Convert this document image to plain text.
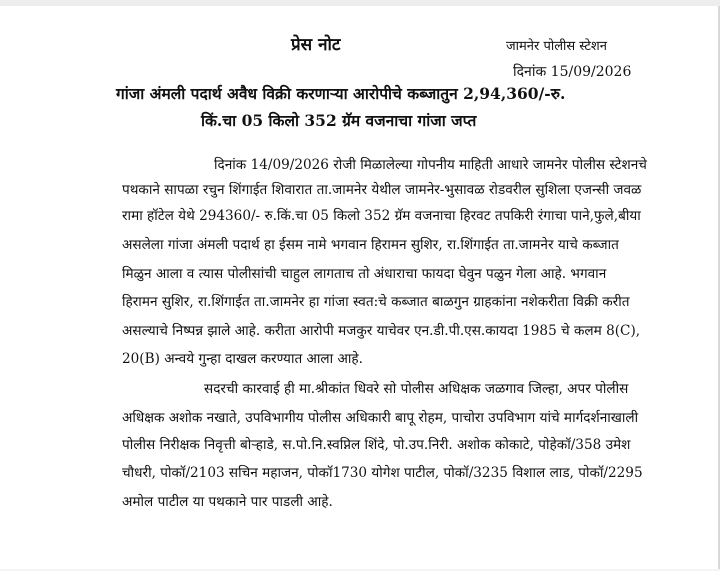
प्रेस नोट	जामनेर पोलीस स्टेशन
दिनांक 15/09/2026
गांजा अंमली पदार्थ अवैध विक्री करणाऱ्या आरोपीचे कब्जातुन 2,94,360/-रु.
किं.चा 05 किलो 352 ग्रॅम वजनाचा गांजा जप्त
दिनांक 14/09/2026 रोजी मिळालेल्या गोपनीय माहिती आधारे जामनेर पोलीस स्टेशनचे
पथकाने सापळा रचुन शिंगाईत शिवारात ता.जामनेर येथील जामनेर-भुसावळ रोडवरील सुशिला एजन्सी जवळ
रामा हॉटेल येथे 294360/- रु.किं.चा 05 किलो 352 ग्रॅम वजनाचा हिरवट तपकिरी रंगाचा पाने,फुले,बीया
असलेला गांजा अंमली पदार्थ हा ईसम नामे भगवान हिरामन सुशिर, रा.शिंगाईत ता.जामनेर याचे कब्जात
मिळुन आला व त्यास पोलीसांची चाहुल लागताच तो अंधाराचा फायदा घेवुन पळुन गेला आहे. भगवान
हिरामन सुशिर, रा.शिंगाईत ता.जामनेर हा गांजा स्वत:चे कब्जात बाळगुन ग्राहकांना नशेकरीता विक्री करीत
असल्याचे निष्पन्न झाले आहे. करीता आरोपी मजकुर याचेवर एन.डी.पी.एस.कायदा 1985 चे कलम 8(C),
20(B) अन्वये गुन्हा दाखल करण्यात आला आहे.
सदरची कारवाई ही मा.श्रीकांत धिवरे सो पोलीस अधिक्षक जळगाव जिल्हा, अपर पोलीस
अधिक्षक अशोक नखाते, उपविभागीय पोलीस अधिकारी बापू रोहम, पाचोरा उपविभाग यांचे मार्गदर्शनाखाली
पोलीस निरीक्षक निवृत्ती बोऱ्हाडे, स.पो.नि.स्वप्निल शिंदे, पो.उप.निरी. अशोक कोकाटे, पोहेकॉ/358 उमेश
चौधरी, पोकॉ/2103 सचिन महाजन, पोकॉ1730 योगेश पाटील, पोकॉ/3235 विशाल लाड, पोकॉ/2295
अमोल पाटील या पथकाने पार पाडली आहे.
